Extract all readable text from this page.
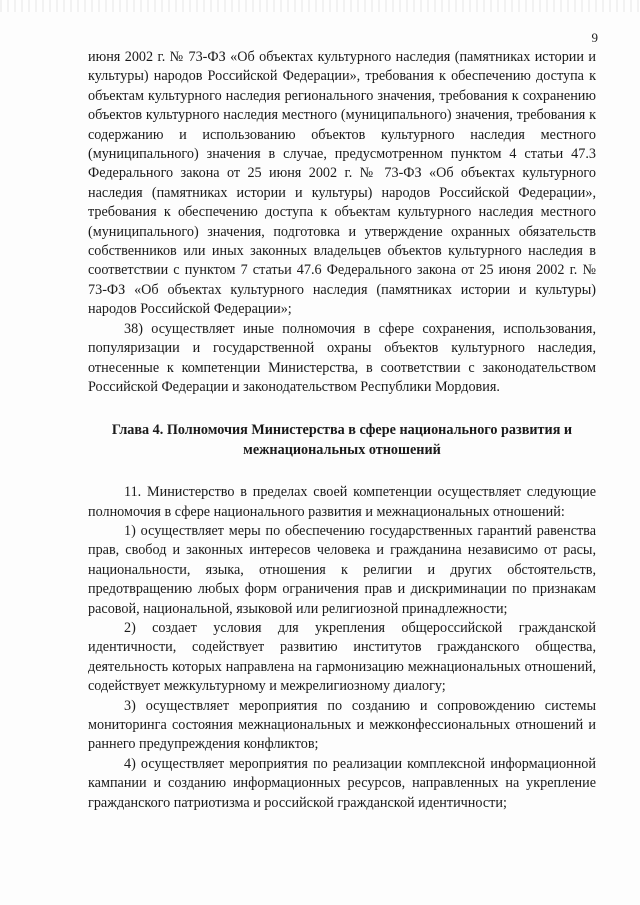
9

июня 2002 г. № 73-ФЗ «Об объектах культурного наследия (памятниках истории и культуры) народов Российской Федерации», требования к обеспечению доступа к объектам культурного наследия регионального значения, требования к сохранению объектов культурного наследия местного (муниципального) значения, требования к содержанию и использованию объектов культурного наследия местного (муниципального) значения в случае, предусмотренном пунктом 4 статьи 47.3 Федерального закона от 25 июня 2002 г. № 73-ФЗ «Об объектах культурного наследия (памятниках истории и культуры) народов Российской Федерации», требования к обеспечению доступа к объектам культурного наследия местного (муниципального) значения, подготовка и утверждение охранных обязательств собственников или иных законных владельцев объектов культурного наследия в соответствии с пунктом 7 статьи 47.6 Федерального закона от 25 июня 2002 г. № 73-ФЗ «Об объектах культурного наследия (памятниках истории и культуры) народов Российской Федерации»;

38) осуществляет иные полномочия в сфере сохранения, использования, популяризации и государственной охраны объектов культурного наследия, отнесенные к компетенции Министерства, в соответствии с законодательством Российской Федерации и законодательством Республики Мордовия.

Глава 4. Полномочия Министерства в сфере национального развития и межнациональных отношений

11. Министерство в пределах своей компетенции осуществляет следующие полномочия в сфере национального развития и межнациональных отношений:

1) осуществляет меры по обеспечению государственных гарантий равенства прав, свобод и законных интересов человека и гражданина независимо от расы, национальности, языка, отношения к религии и других обстоятельств, предотвращению любых форм ограничения прав и дискриминации по признакам расовой, национальной, языковой или религиозной принадлежности;

2) создает условия для укрепления общероссийской гражданской идентичности, содействует развитию институтов гражданского общества, деятельность которых направлена на гармонизацию межнациональных отношений, содействует межкультурному и межрелигиозному диалогу;

3) осуществляет мероприятия по созданию и сопровождению системы мониторинга состояния межнациональных и межконфессиональных отношений и раннего предупреждения конфликтов;

4) осуществляет мероприятия по реализации комплексной информационной кампании и созданию информационных ресурсов, направленных на укрепление гражданского патриотизма и российской гражданской идентичности;
